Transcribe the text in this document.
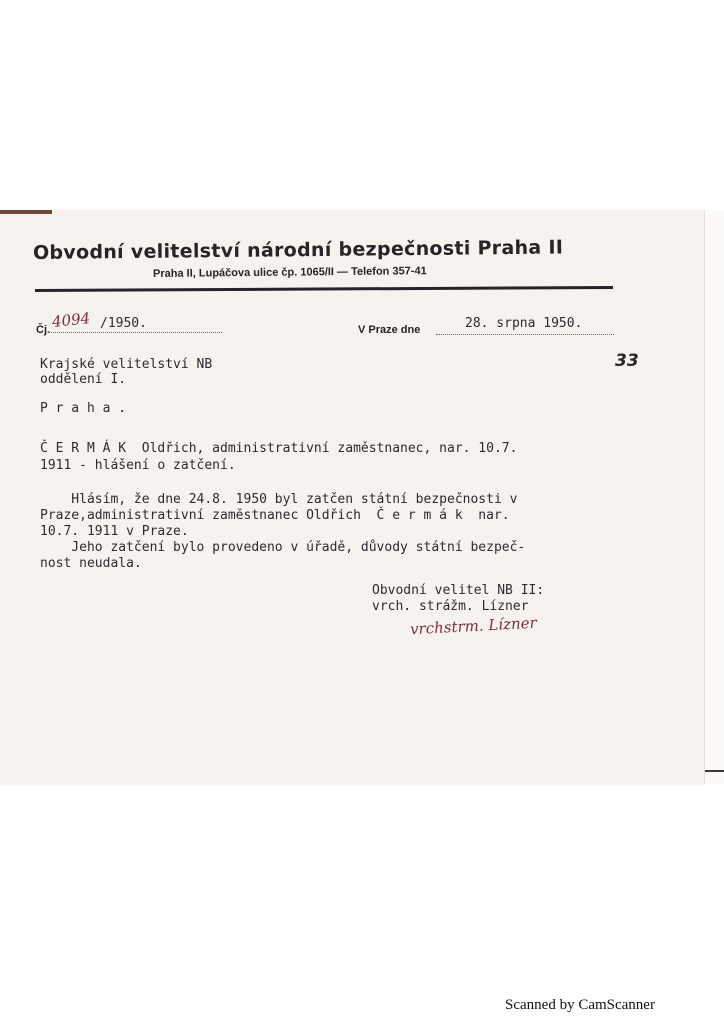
Obvodní velitelství národní bezpečnosti Praha II
Praha II, Lupáčova ulice čp. 1065/II — Telefon 357-41
Čj. 4094 /1950.	V Praze dne	28. srpna 1950.
33
Krajské velitelství NB
oddělení I.
P r a h a .
Č E R M Á K  Oldřich, administrativní zaměstnanec, nar. 10.7.
1911 - hlášení o zatčení.
Hlásím, že dne 24.8. 1950 byl zatčen státní bezpečnosti v
Praze,administrativní zaměstnanec Oldřich  Č e r m á k  nar.
10.7. 1911 v Praze.
Jeho zatčení bylo provedeno v úřadě, důvody státní bezpeč-
nost neudala.
Obvodní velitel NB II:
vrch. strážm. Lízner
vrchstrm. Lízner
Scanned by CamScanner
